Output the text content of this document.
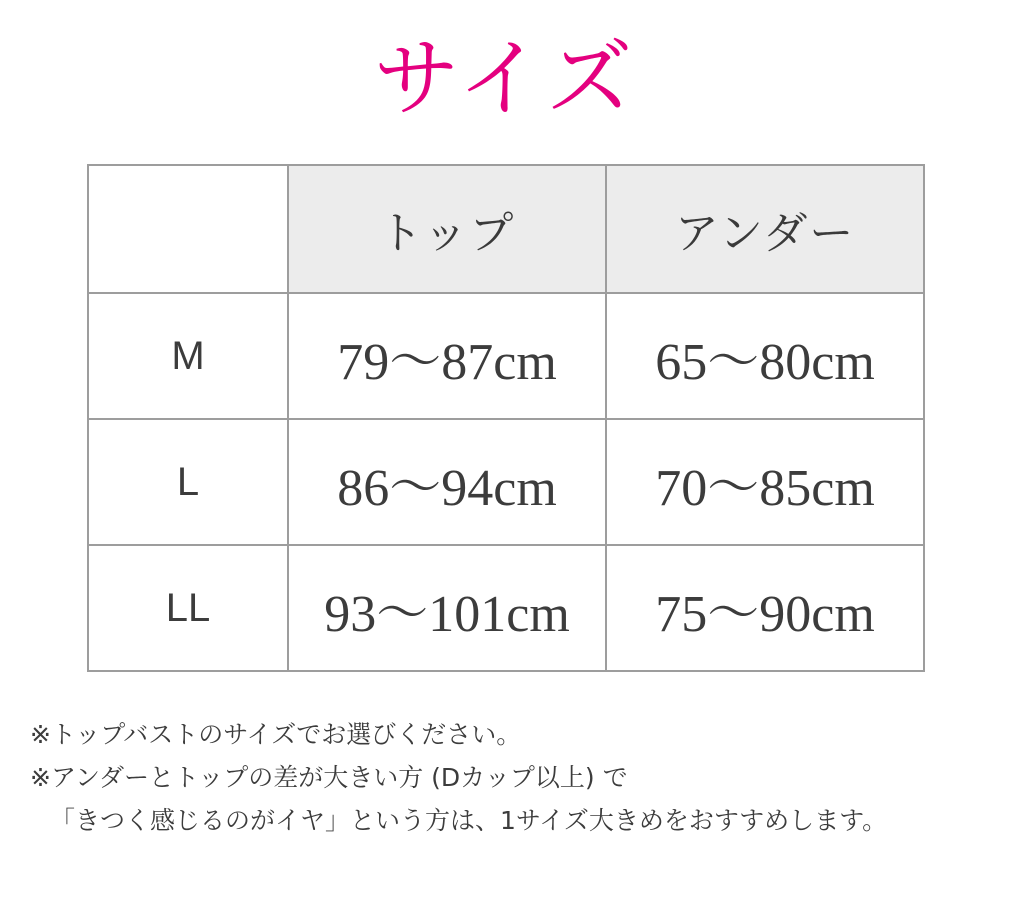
サイズ
	トップ	アンダー
M	79〜87cm	65〜80cm
L	86〜94cm	70〜85cm
LL	93〜101cm	75〜90cm

※トップバストのサイズでお選びください。

※アンダーとトップの差が大きい方 (Dカップ以上) で

「きつく感じるのがイヤ」という方は、1サイズ大きめをおすすめします。
